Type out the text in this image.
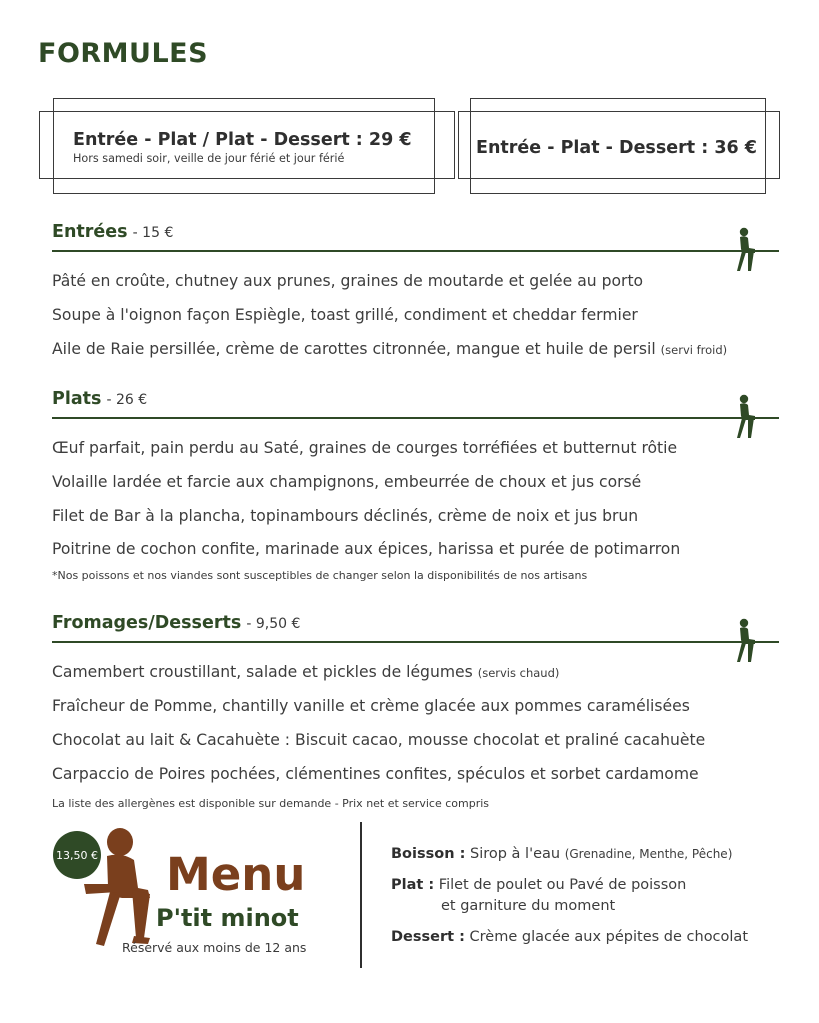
FORMULES
Entrée - Plat / Plat - Dessert : 29 €
Hors samedi soir, veille de jour férié et jour férié
Entrée - Plat - Dessert : 36 €
Entrées - 15 €
Pâté en croûte, chutney aux prunes, graines de moutarde et gelée au porto
Soupe à l'oignon façon Espiègle, toast grillé, condiment et cheddar fermier
Aile de Raie persillée, crème de carottes citronnée, mangue et huile de persil (servi froid)
Plats - 26 €
Œuf parfait, pain perdu au Saté, graines de courges torréfiées et butternut rôtie
Volaille lardée et farcie aux champignons, embeurrée de choux et jus corsé
Filet de Bar à la plancha, topinambours déclinés, crème de noix et jus brun
Poitrine de cochon confite, marinade aux épices, harissa et purée de potimarron
*Nos poissons et nos viandes sont susceptibles de changer selon la disponibilités de nos artisans
Fromages/Desserts - 9,50 €
Camembert croustillant, salade et pickles de légumes (servis chaud)
Fraîcheur de Pomme, chantilly vanille et crème glacée aux pommes caramélisées
Chocolat au lait & Cacahuète : Biscuit cacao, mousse chocolat et praliné cacahuète
Carpaccio de Poires pochées, clémentines confites, spéculos et sorbet cardamome
La liste des allergènes est disponible sur demande - Prix net et service compris
13,50 € Menu
P'tit minot
Réservé aux moins de 12 ans
Boisson : Sirop à l'eau (Grenadine, Menthe, Pêche)
Plat : Filet de poulet ou Pavé de poisson
et garniture du moment
Dessert : Crème glacée aux pépites de chocolat
